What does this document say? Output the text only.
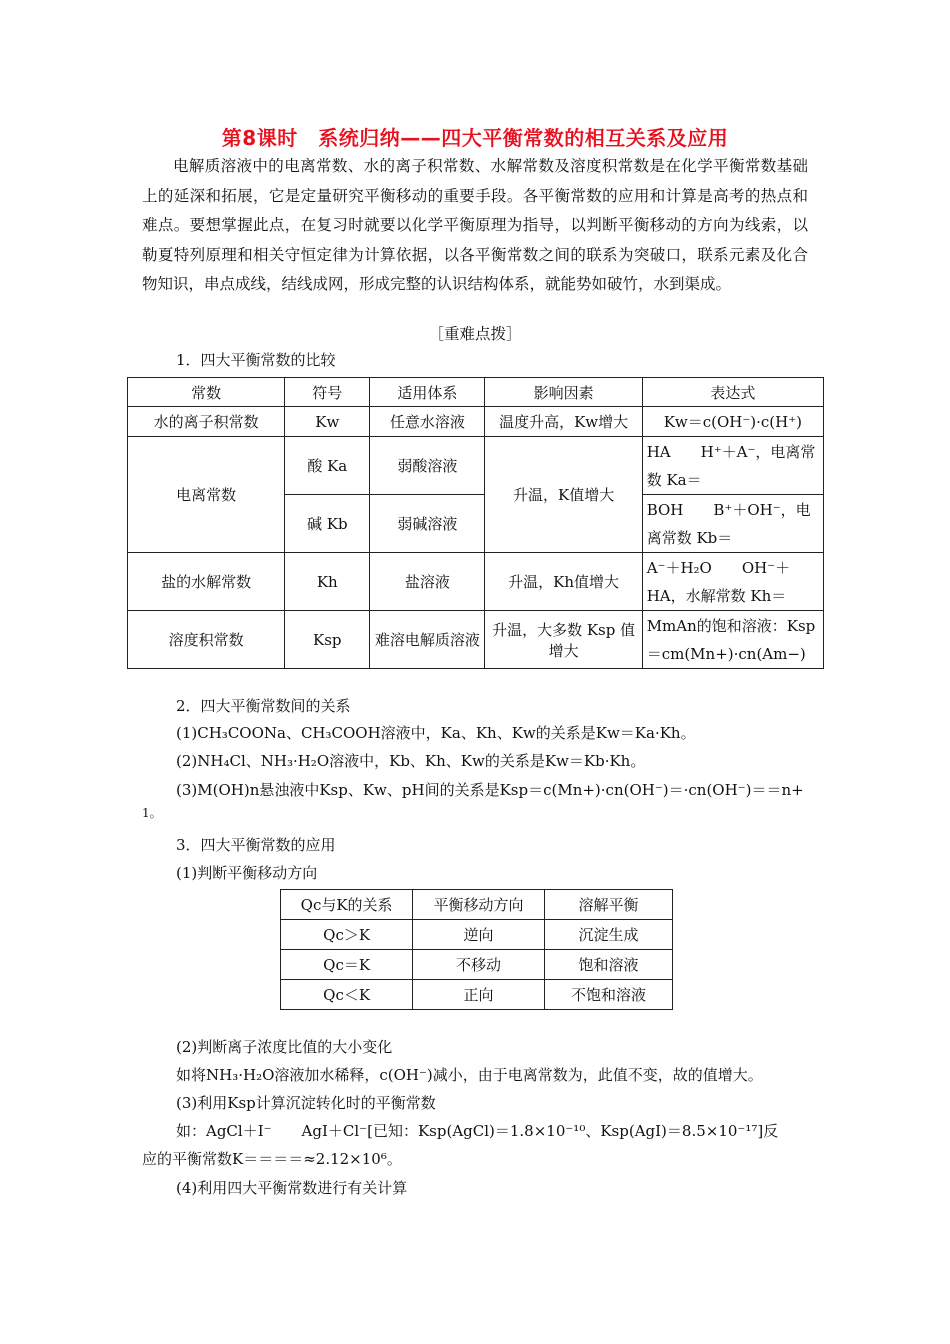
第8课时　系统归纳——四大平衡常数的相互关系及应用
电解质溶液中的电离常数、水的离子积常数、水解常数及溶度积常数是在化学平衡常数基础上的延深和拓展，它是定量研究平衡移动的重要手段。各平衡常数的应用和计算是高考的热点和难点。要想掌握此点，在复习时就要以化学平衡原理为指导，以判断平衡移动的方向为线索，以勒夏特列原理和相关守恒定律为计算依据，以各平衡常数之间的联系为突破口，联系元素及化合物知识，串点成线，结线成网，形成完整的认识结构体系，就能势如破竹，水到渠成。
［重难点拨］
1．四大平衡常数的比较
常数	符号	适用体系	影响因素	表达式
水的离子积常数	Kw	任意水溶液	温度升高，Kw增大	Kw＝c(OH⁻)·c(H⁺)
电离常数	酸 Ka	弱酸溶液	升温，K值增大	HA　　H⁺＋A⁻，电离常数 Ka＝
	碱 Kb	弱碱溶液		BOH　　B⁺＋OH⁻，电离常数 Kb＝
盐的水解常数	Kh	盐溶液	升温，Kh值增大	A⁻＋H₂O　　OH⁻＋HA，水解常数 Kh＝
溶度积常数	Ksp	难溶电解质溶液	升温，大多数 Ksp 值增大	MmAn的饱和溶液：Ksp＝cm(Mn+)·cn(Am−)
2．四大平衡常数间的关系
(1)CH₃COONa、CH₃COOH溶液中，Ka、Kh、Kw的关系是Kw＝Ka·Kh。
(2)NH₄Cl、NH₃·H₂O溶液中，Kb、Kh、Kw的关系是Kw＝Kb·Kh。
(3)M(OH)n悬浊液中Ksp、Kw、pH间的关系是Ksp＝c(Mn+)·cn(OH⁻)＝·cn(OH⁻)＝＝n+
1。
3．四大平衡常数的应用
(1)判断平衡移动方向
Qc与K的关系	平衡移动方向	溶解平衡
Qc＞K	逆向	沉淀生成
Qc＝K	不移动	饱和溶液
Qc＜K	正向	不饱和溶液
(2)判断离子浓度比值的大小变化
如将NH₃·H₂O溶液加水稀释，c(OH⁻)减小，由于电离常数为，此值不变，故的值增大。
(3)利用Ksp计算沉淀转化时的平衡常数
如：AgCl＋I⁻　　AgI＋Cl⁻[已知：Ksp(AgCl)＝1.8×10⁻¹⁰、Ksp(AgI)＝8.5×10⁻¹⁷]反
应的平衡常数K＝＝＝＝≈2.12×10⁶。
(4)利用四大平衡常数进行有关计算
